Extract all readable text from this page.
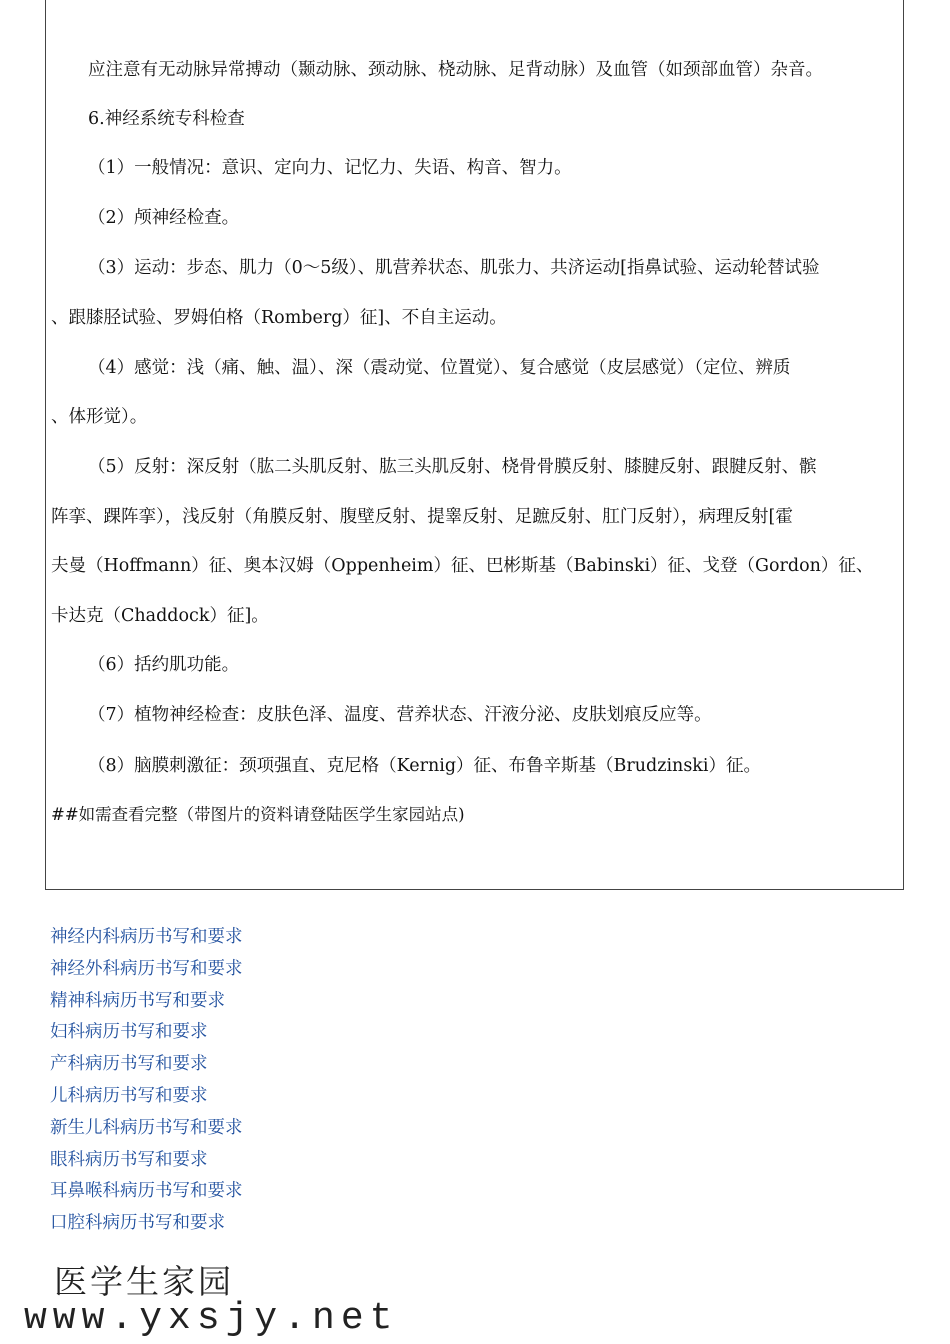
应注意有无动脉异常搏动（颞动脉、颈动脉、桡动脉、足背动脉）及血管（如颈部血管）杂音。
6.神经系统专科检查
（1）一般情况：意识、定向力、记忆力、失语、构音、智力。
（2）颅神经检查。
（3）运动：步态、肌力（0～5级）、肌营养状态、肌张力、共济运动[指鼻试验、运动轮替试验
、跟膝胫试验、罗姆伯格（Romberg）征]、不自主运动。
（4）感觉：浅（痛、触、温）、深（震动觉、位置觉）、复合感觉（皮层感觉）（定位、辨质
、体形觉）。
（5）反射：深反射（肱二头肌反射、肱三头肌反射、桡骨骨膜反射、膝腱反射、跟腱反射、髌
阵挛、踝阵挛），浅反射（角膜反射、腹壁反射、提睾反射、足蹠反射、肛门反射），病理反射[霍
夫曼（Hoffmann）征、奥本汉姆（Oppenheim）征、巴彬斯基（Babinski）征、戈登（Gordon）征、
卡达克（Chaddock）征]。
（6）括约肌功能。
（7）植物神经检查：皮肤色泽、温度、营养状态、汗液分泌、皮肤划痕反应等。
（8）脑膜刺激征：颈项强直、克尼格（Kernig）征、布鲁辛斯基（Brudzinski）征。
##如需查看完整（带图片的资料请登陆医学生家园站点)
神经内科病历书写和要求
神经外科病历书写和要求
精神科病历书写和要求
妇科病历书写和要求
产科病历书写和要求
儿科病历书写和要求
新生儿科病历书写和要求
眼科病历书写和要求
耳鼻喉科病历书写和要求
口腔科病历书写和要求
医学生家园
www.yxsjy.net
